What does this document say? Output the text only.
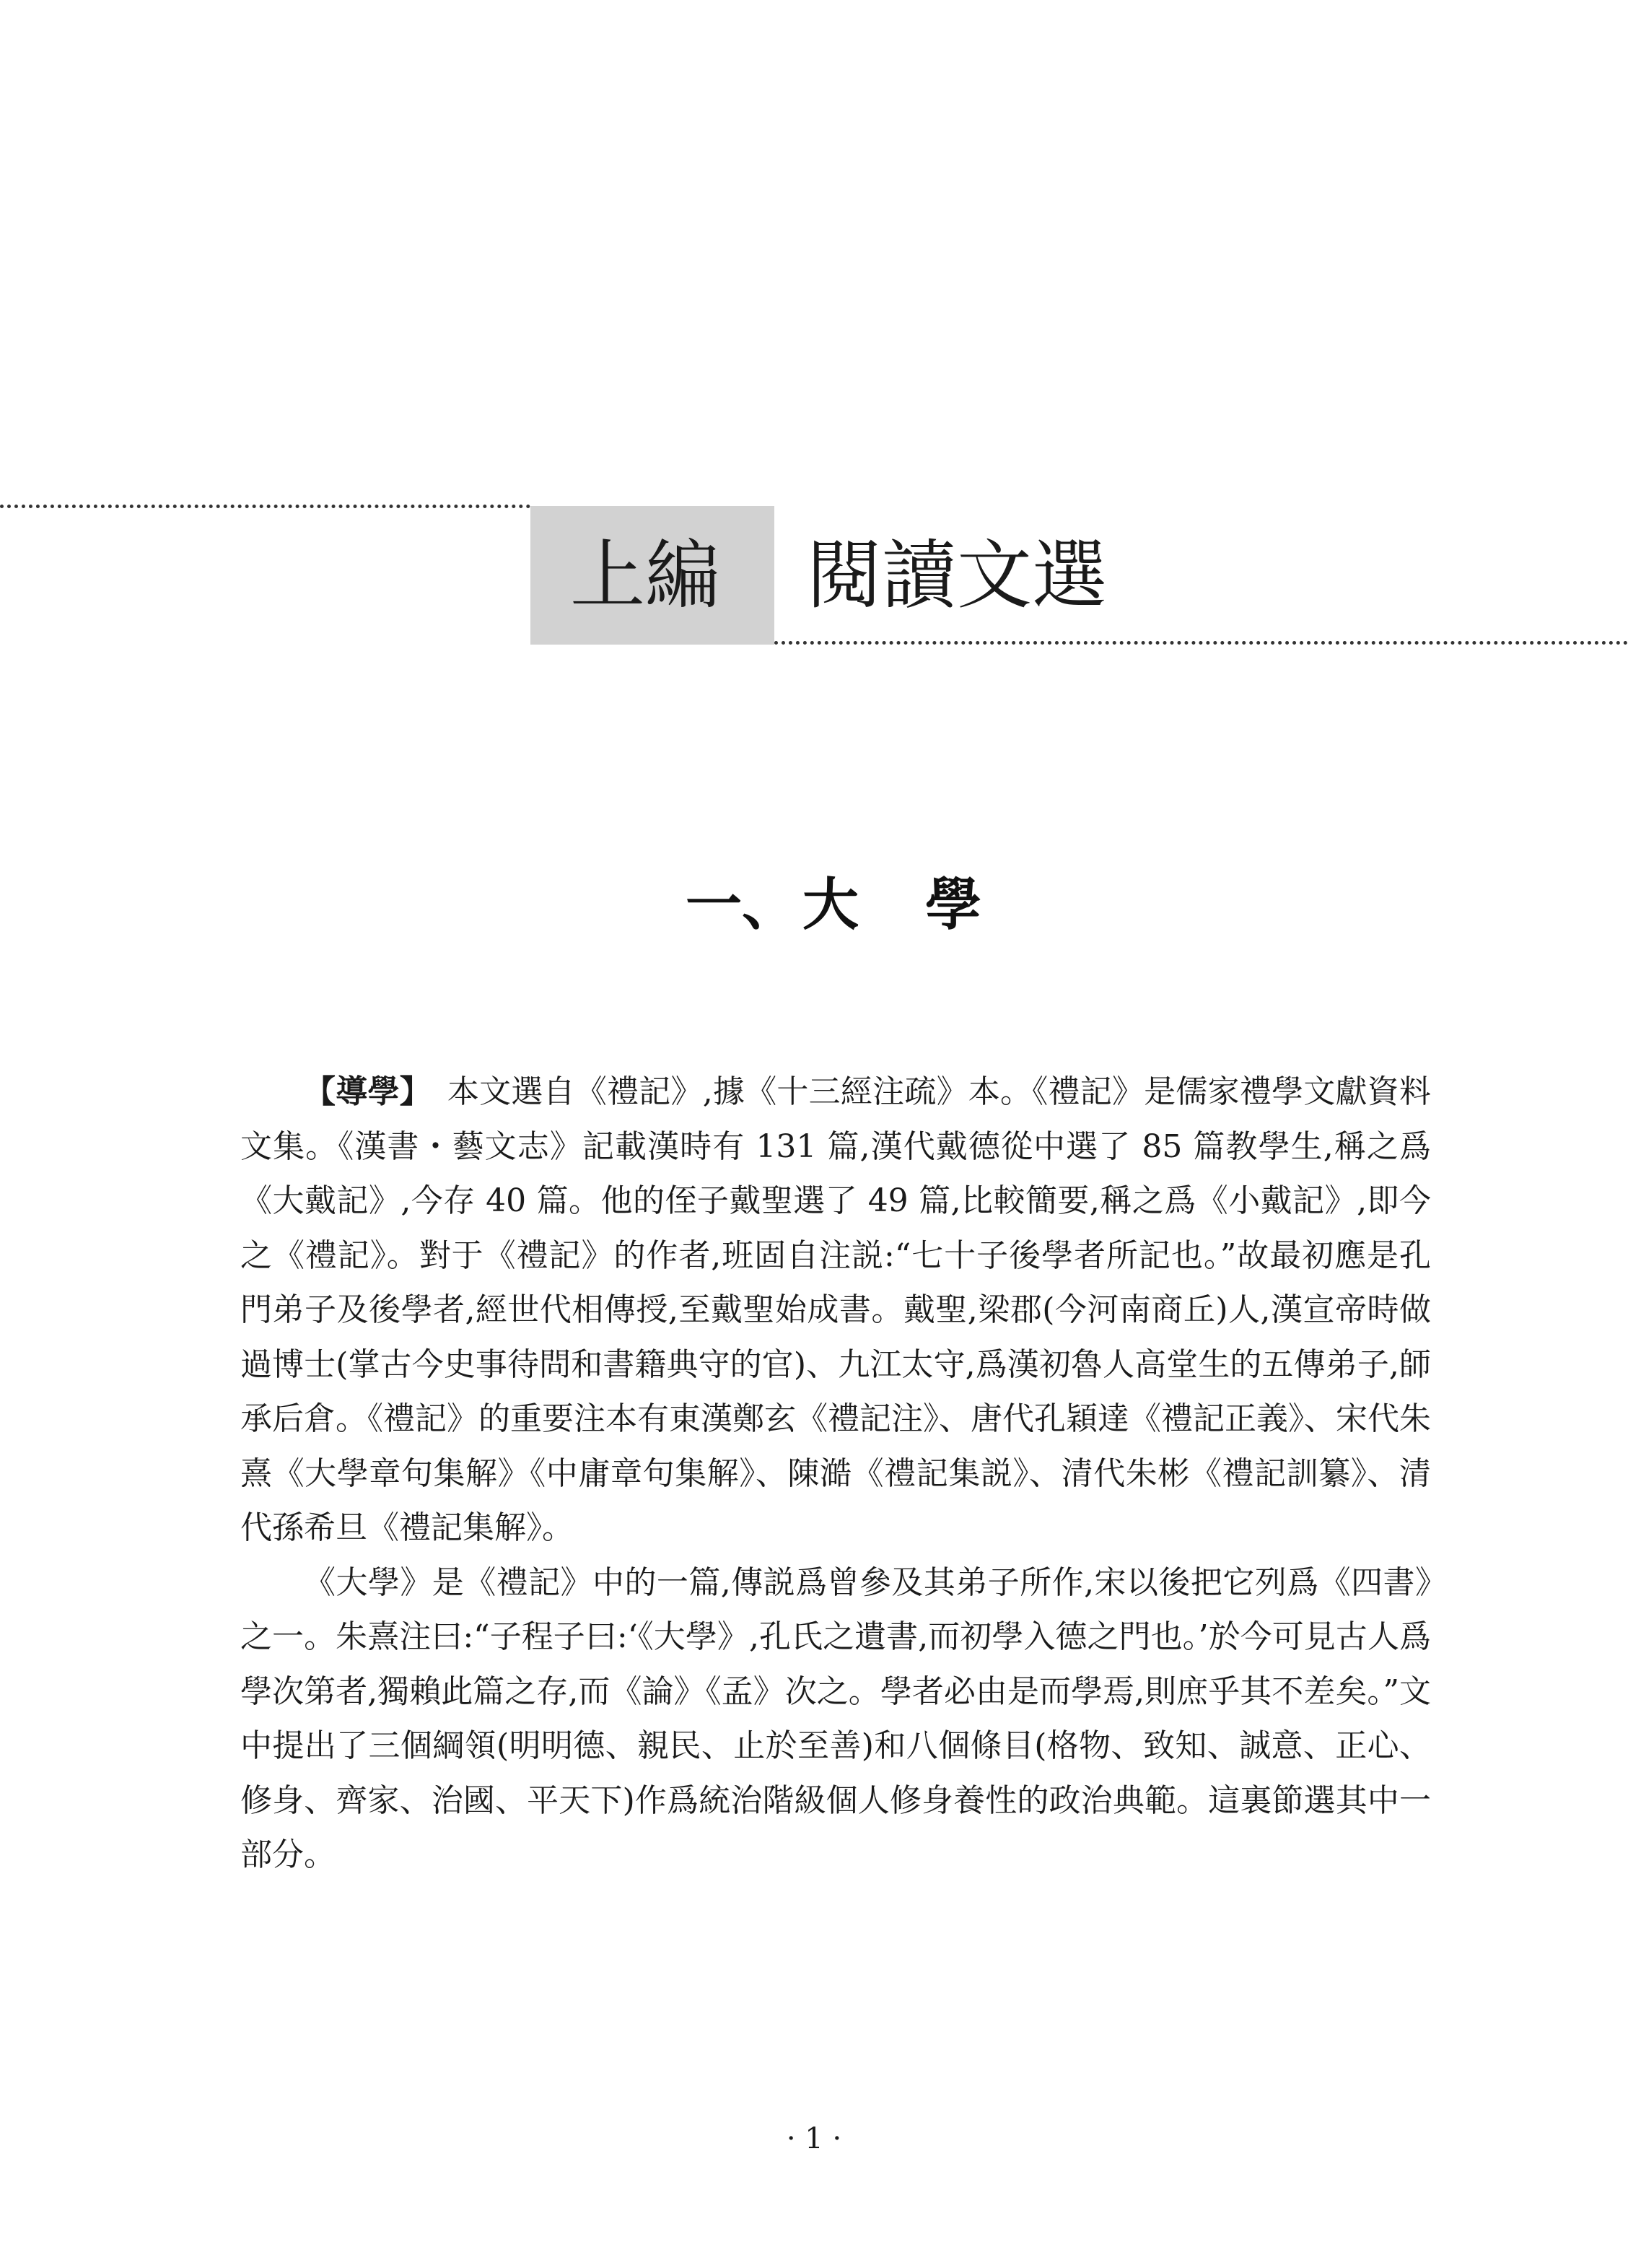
上編 閱讀文選
一、 大 學

【導學】 本文選自《禮記》,據《十三經注疏》本。《禮記》是儒家禮學文獻資料文集。《漢書・藝文志》記載漢時有 131 篇,漢代戴德從中選了 85 篇教學生,稱之爲《大戴記》,今存 40 篇。他的侄子戴聖選了 49 篇,比較簡要,稱之爲《小戴記》,即今之《禮記》。對于《禮記》的作者,班固自注説:“七十子後學者所記也。”故最初應是孔門弟子及後學者,經世代相傳授,至戴聖始成書。戴聖,梁郡(今河南商丘)人,漢宣帝時做過博士(掌古今史事待問和書籍典守的官)、九江太守,爲漢初魯人高堂生的五傳弟子,師承后倉。《禮記》的重要注本有東漢鄭玄《禮記注》、唐代孔穎達《禮記正義》、宋代朱熹《大學章句集解》《中庸章句集解》、陳澔《禮記集説》、清代朱彬《禮記訓纂》、清代孫希旦《禮記集解》。

《大學》是《禮記》中的一篇,傳説爲曾參及其弟子所作,宋以後把它列爲《四書》之一。朱熹注曰:“子程子曰:‘《大學》,孔氏之遺書,而初學入德之門也。’於今可見古人爲學次第者,獨賴此篇之存,而《論》《孟》次之。學者必由是而學焉,則庶乎其不差矣。”文中提出了三個綱領(明明德、親民、止於至善)和八個條目(格物、致知、誠意、正心、修身、齊家、治國、平天下)作爲統治階級個人修身養性的政治典範。這裏節選其中一部分。

· 1 ·
